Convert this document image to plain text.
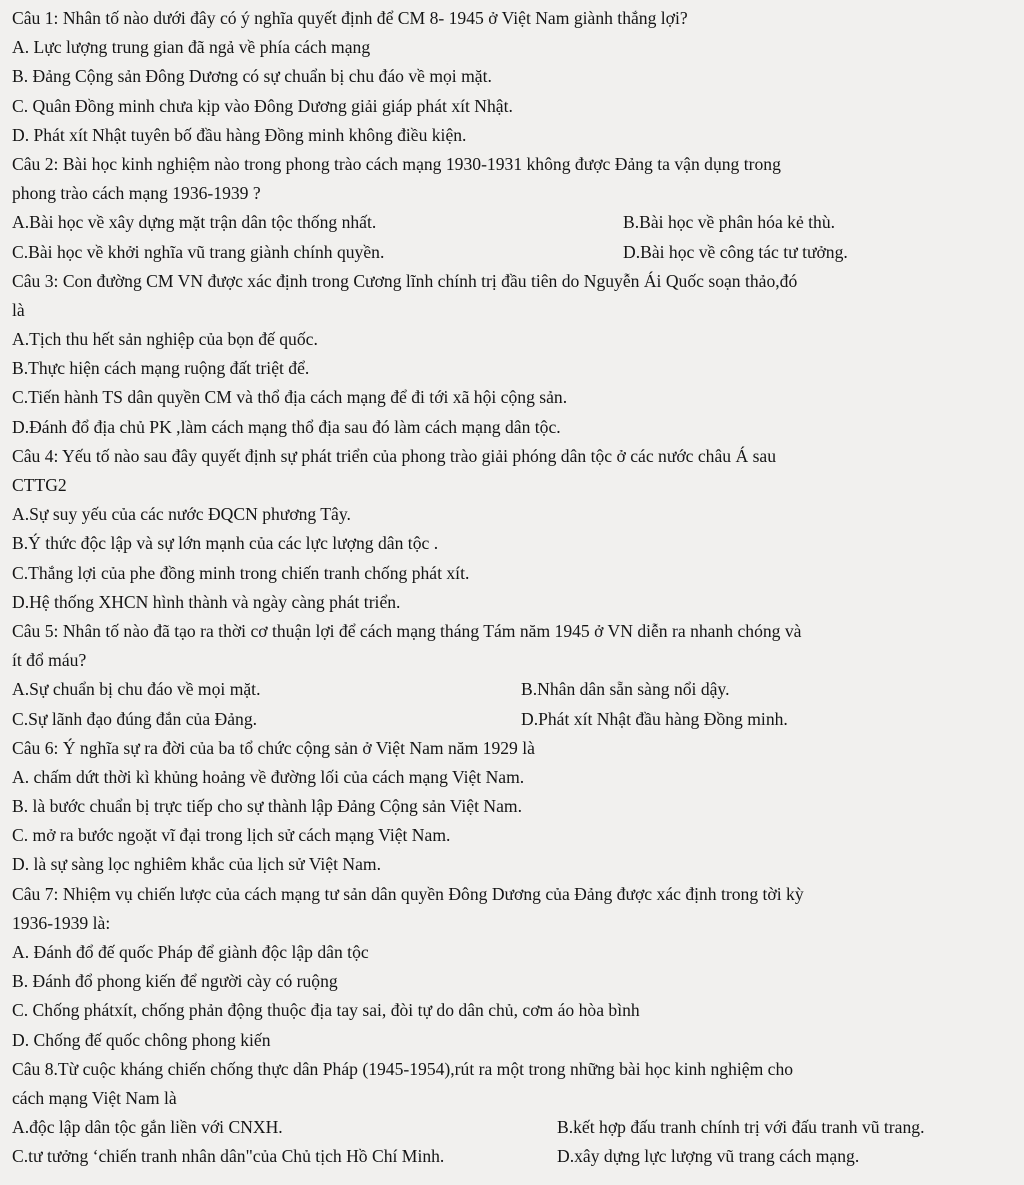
Câu 1: Nhân tố nào dưới đây có ý nghĩa quyết định để CM 8- 1945 ở Việt Nam giành thắng lợi?
A. Lực lượng trung gian đã ngả về phía cách mạng
B. Đảng Cộng sản Đông Dương có sự chuẩn bị chu đáo về mọi mặt.
C. Quân Đồng minh chưa kịp vào Đông Dương giải giáp phát xít Nhật.
D. Phát xít Nhật tuyên bố đầu hàng Đồng minh không điều kiện.
Câu 2: Bài học kinh nghiệm nào trong phong trào cách mạng 1930-1931 không được Đảng ta vận dụng trong
phong trào cách mạng 1936-1939 ?
A.Bài học về xây dựng mặt trận dân tộc thống nhất.	B.Bài học về phân hóa kẻ thù.
C.Bài học về khởi nghĩa vũ trang giành chính quyền.	D.Bài học về công tác tư tưởng.
Câu 3: Con đường CM VN được xác định trong Cương lĩnh chính trị đầu tiên do Nguyễn Ái Quốc soạn thảo,đó
là
A.Tịch thu hết sản nghiệp của bọn đế quốc.
B.Thực hiện cách mạng ruộng đất triệt để.
C.Tiến hành TS dân quyền CM và thổ địa cách mạng để đi tới xã hội cộng sản.
D.Đánh đổ địa chủ PK ,làm cách mạng thổ địa sau đó làm cách mạng dân tộc.
Câu 4: Yếu tố nào sau đây quyết định sự phát triển của phong trào giải phóng dân tộc ở các nước châu Á sau
CTTG2
A.Sự suy yếu của các nước ĐQCN phương Tây.
B.Ý thức độc lập và sự lớn mạnh của các lực lượng dân tộc .
C.Thắng lợi của phe đồng minh trong chiến tranh chống phát xít.
D.Hệ thống XHCN hình thành và ngày càng phát triển.
Câu 5: Nhân tố nào đã tạo ra thời cơ thuận lợi để cách mạng tháng Tám năm 1945 ở VN diễn ra nhanh chóng và
ít đổ máu?
A.Sự chuẩn bị chu đáo về mọi mặt.	B.Nhân dân sẵn sàng nổi dậy.
C.Sự lãnh đạo đúng đắn của Đảng.	D.Phát xít Nhật đầu hàng Đồng minh.
Câu 6: Ý nghĩa sự ra đời của ba tổ chức cộng sản ở Việt Nam năm 1929 là
A. chấm dứt thời kì khủng hoảng về đường lối của cách mạng Việt Nam.
B. là bước chuẩn bị trực tiếp cho sự thành lập Đảng Cộng sản Việt Nam.
C. mở ra bước ngoặt vĩ đại trong lịch sử cách mạng Việt Nam.
D. là sự sàng lọc nghiêm khắc của lịch sử Việt Nam.
Câu 7: Nhiệm vụ chiến lược của cách mạng tư sản dân quyền Đông Dương của Đảng được xác định trong tời kỳ
1936-1939 là:
A. Đánh đổ đế quốc Pháp để giành độc lập dân tộc
B. Đánh đổ phong kiến để người cày có ruộng
C. Chống phátxít, chống phản động thuộc địa tay sai, đòi tự do dân chủ, cơm áo hòa bình
D. Chống đế quốc chông phong kiến
Câu 8.Từ cuộc kháng chiến chống thực dân Pháp (1945-1954),rút ra một trong những bài học kinh nghiệm cho
cách mạng Việt Nam là
A.độc lập dân tộc gắn liền với CNXH.	B.kết hợp đấu tranh chính trị với đấu tranh vũ trang.
C.tư tưởng ‘chiến tranh nhân dân"của Chủ tịch Hồ Chí Minh.	D.xây dựng lực lượng vũ trang cách mạng.
